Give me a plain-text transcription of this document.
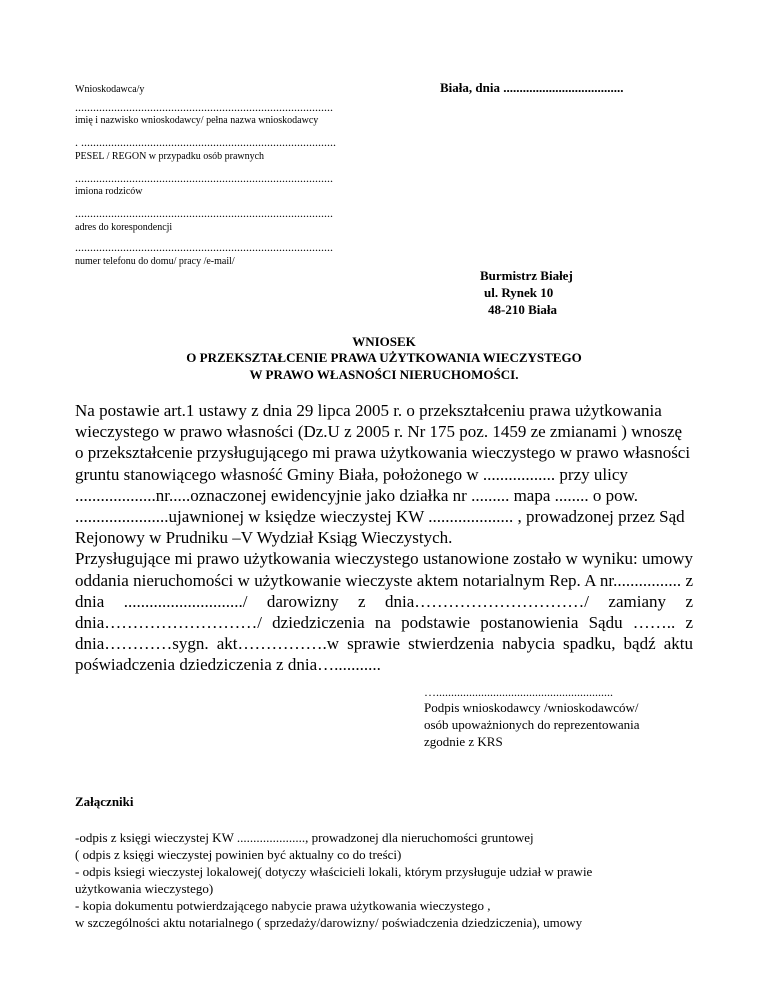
Wnioskodawca/y	Biała, dnia .....................................
......................................................................................
imię i nazwisko wnioskodawcy/ pełna nazwa wnioskodawcy
. .....................................................................................
PESEL / REGON w przypadku osób prawnych
......................................................................................
imiona rodziców
......................................................................................
adres do korespondencji
......................................................................................
numer telefonu do domu/ pracy /e-mail/
Burmistrz Białej
ul. Rynek 10
48-210 Biała
WNIOSEK
O PRZEKSZTAŁCENIE PRAWA UŻYTKOWANIA WIECZYSTEGO
W PRAWO WŁASNOŚCI NIERUCHOMOŚCI.

Na postawie art.1 ustawy z dnia 29 lipca 2005 r. o przekształceniu prawa użytkowania wieczystego w prawo własności (Dz.U z 2005 r. Nr 175 poz. 1459 ze zmianami ) wnoszę o przekształcenie przysługującego mi prawa użytkowania wieczystego w prawo własności gruntu stanowiącego własność Gminy Biała, położonego w ................. przy ulicy ...................nr.....oznaczonej ewidencyjnie jako działka nr ......... mapa ........ o pow. ......................ujawnionej w księdze wieczystej KW .................... , prowadzonej przez Sąd Rejonowy w Prudniku –V Wydział Ksiąg Wieczystych.

Przysługujące mi prawo użytkowania wieczystego ustanowione zostało w wyniku: umowy oddania nieruchomości w użytkowanie wieczyste aktem notarialnym Rep. A nr................ z dnia ............................/ darowizny z dnia…………………………/ zamiany z dnia………………………/ dziedziczenia na podstawie postanowienia Sądu …….. z dnia…………sygn. akt…………….w sprawie stwierdzenia nabycia spadku, bądź aktu poświadczenia dziedziczenia z dnia…...........

…...........................................................
Podpis wnioskodawcy /wnioskodawców/
osób upoważnionych do reprezentowania
zgodnie z KRS
Załączniki
-odpis z księgi wieczystej KW ....................., prowadzonej dla nieruchomości gruntowej
( odpis z księgi wieczystej powinien być aktualny co do treści)
- odpis ksiegi wieczystej lokalowej( dotyczy właścicieli lokali, którym przysługuje udział w prawie
użytkowania wieczystego)
- kopia dokumentu potwierdzającego nabycie prawa użytkowania wieczystego ,
w szczególności aktu notarialnego ( sprzedaży/darowizny/ poświadczenia dziedziczenia), umowy
